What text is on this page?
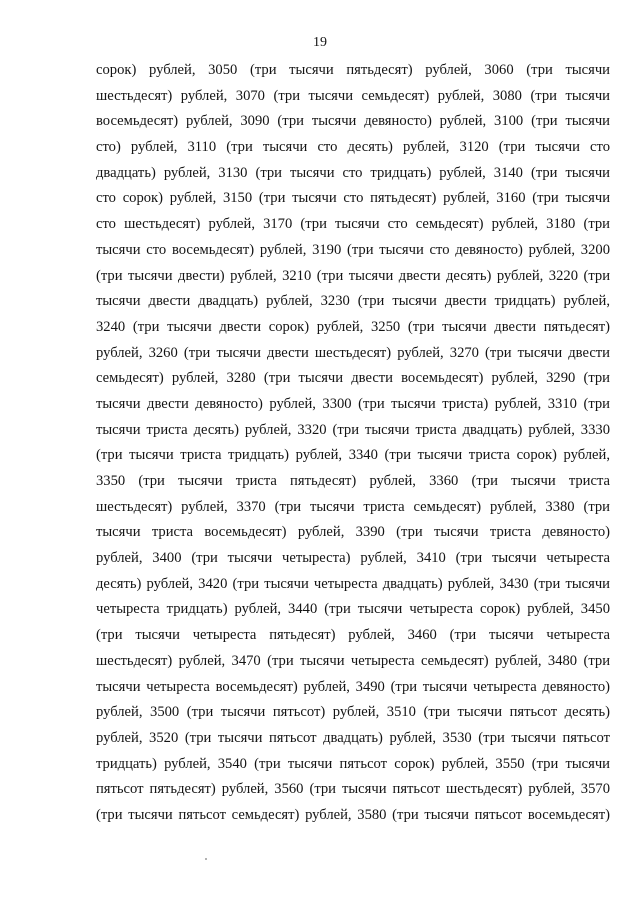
19
сорок) рублей, 3050 (три тысячи пятьдесят) рублей, 3060 (три тысячи
шестьдесят) рублей, 3070 (три тысячи семьдесят) рублей, 3080 (три тысячи
восемьдесят) рублей, 3090 (три тысячи девяносто) рублей, 3100 (три тысячи
сто) рублей, 3110 (три тысячи сто десять) рублей, 3120 (три тысячи сто
двадцать) рублей, 3130 (три тысячи сто тридцать) рублей, 3140 (три тысячи
сто сорок) рублей, 3150 (три тысячи сто пятьдесят) рублей, 3160 (три тысячи
сто шестьдесят) рублей, 3170 (три тысячи сто семьдесят) рублей, 3180 (три
тысячи сто восемьдесят) рублей, 3190 (три тысячи сто девяносто) рублей, 3200
(три тысячи двести) рублей, 3210 (три тысячи двести десять) рублей, 3220 (три
тысячи двести двадцать) рублей, 3230 (три тысячи двести тридцать) рублей,
3240 (три тысячи двести сорок) рублей, 3250 (три тысячи двести пятьдесят)
рублей, 3260 (три тысячи двести шестьдесят) рублей, 3270 (три тысячи двести
семьдесят) рублей, 3280 (три тысячи двести восемьдесят) рублей, 3290 (три
тысячи двести девяносто) рублей, 3300 (три тысячи триста) рублей, 3310 (три
тысячи триста десять) рублей, 3320 (три тысячи триста двадцать) рублей, 3330
(три тысячи триста тридцать) рублей, 3340 (три тысячи триста сорок) рублей,
3350 (три тысячи триста пятьдесят) рублей, 3360 (три тысячи триста
шестьдесят) рублей, 3370 (три тысячи триста семьдесят) рублей, 3380 (три
тысячи триста восемьдесят) рублей, 3390 (три тысячи триста девяносто)
рублей, 3400 (три тысячи четыреста) рублей, 3410 (три тысячи четыреста
десять) рублей, 3420 (три тысячи четыреста двадцать) рублей, 3430 (три тысячи
четыреста тридцать) рублей, 3440 (три тысячи четыреста сорок) рублей, 3450
(три тысячи четыреста пятьдесят) рублей, 3460 (три тысячи четыреста
шестьдесят) рублей, 3470 (три тысячи четыреста семьдесят) рублей, 3480 (три
тысячи четыреста восемьдесят) рублей, 3490 (три тысячи четыреста девяносто)
рублей, 3500 (три тысячи пятьсот) рублей, 3510 (три тысячи пятьсот десять)
рублей, 3520 (три тысячи пятьсот двадцать) рублей, 3530 (три тысячи пятьсот
тридцать) рублей, 3540 (три тысячи пятьсот сорок) рублей, 3550 (три тысячи
пятьсот пятьдесят) рублей, 3560 (три тысячи пятьсот шестьдесят) рублей, 3570
(три тысячи пятьсот семьдесят) рублей, 3580 (три тысячи пятьсот восемьдесят)
